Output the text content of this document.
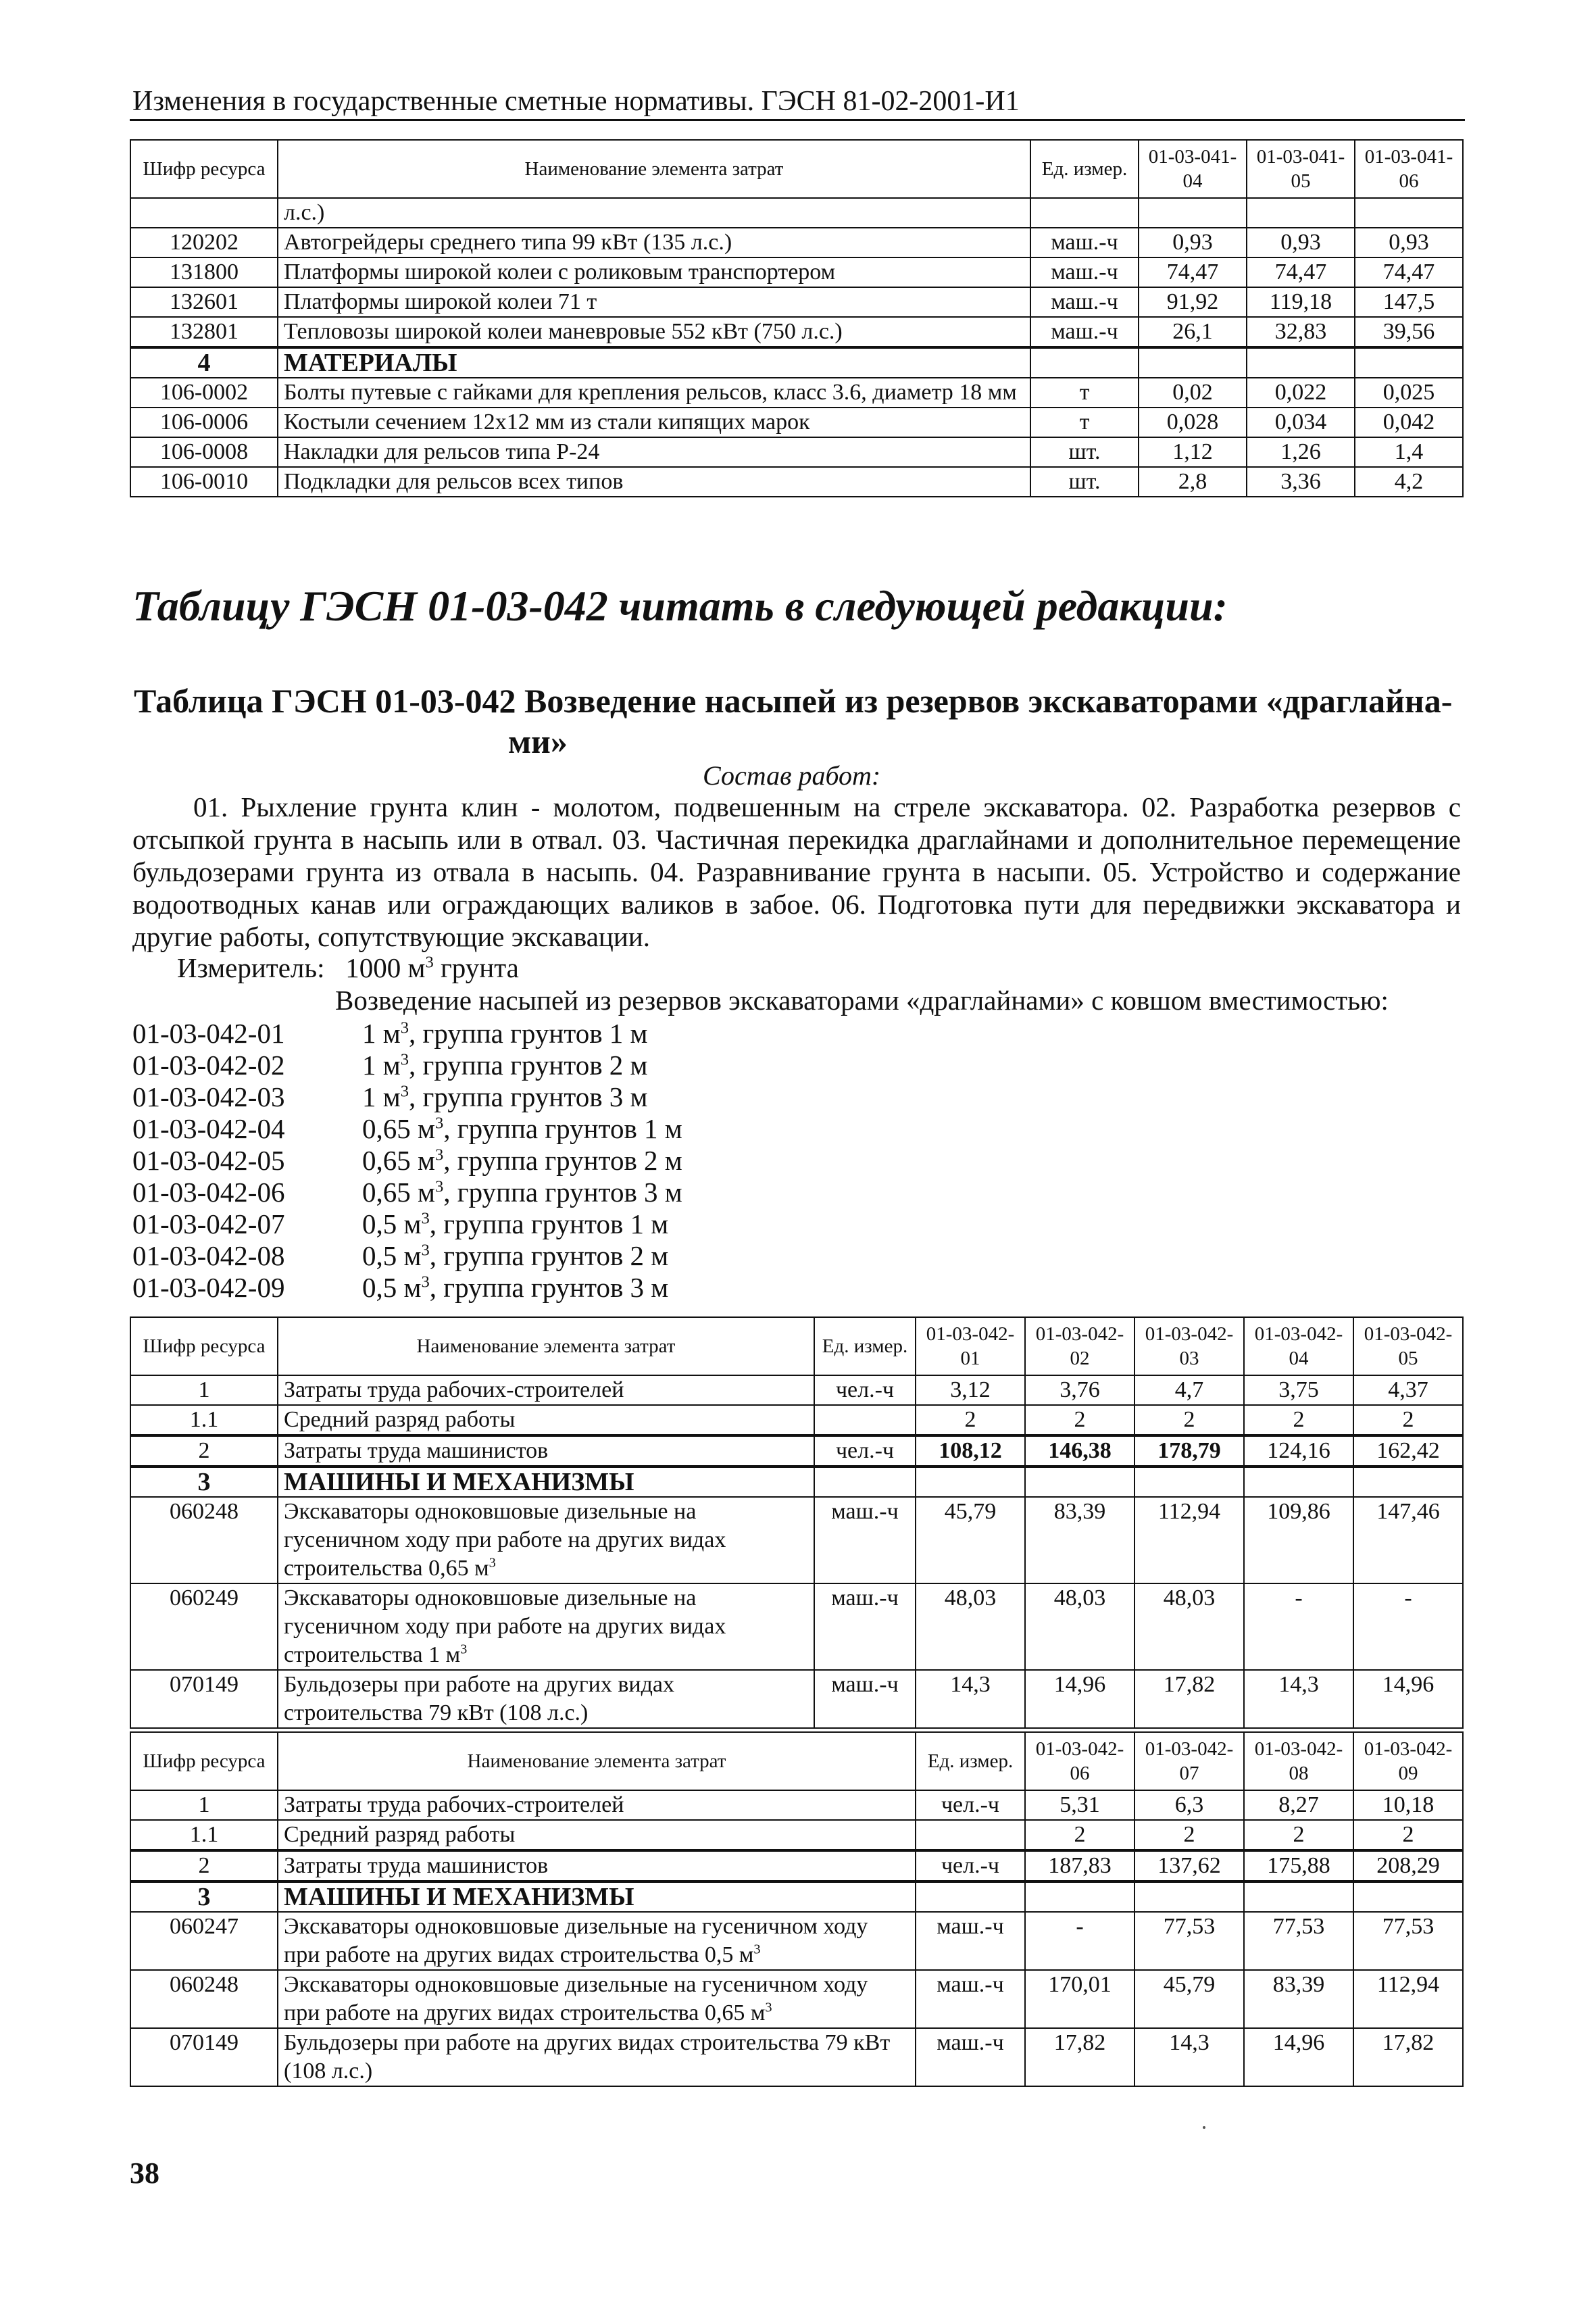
Изменения в государственные сметные нормативы. ГЭСН 81-02-2001-И1
Шифр ресурса	Наименование элемента затрат	Ед. измер.	01-03-041-04	01-03-041-05	01-03-041-06
	л.с.)				
120202	Автогрейдеры среднего типа 99 кВт (135 л.с.)	маш.-ч	0,93	0,93	0,93
131800	Платформы широкой колеи с роликовым транспортером	маш.-ч	74,47	74,47	74,47
132601	Платформы широкой колеи 71 т	маш.-ч	91,92	119,18	147,5
132801	Тепловозы широкой колеи маневровые 552 кВт (750 л.с.)	маш.-ч	26,1	32,83	39,56
4	МАТЕРИАЛЫ				
106-0002	Болты путевые с гайками для крепления рельсов, класс 3.6, диаметр 18 мм	т	0,02	0,022	0,025
106-0006	Костыли сечением 12х12 мм из стали кипящих марок	т	0,028	0,034	0,042
106-0008	Накладки для рельсов типа Р-24	шт.	1,12	1,26	1,4
106-0010	Подкладки для рельсов всех типов	шт.	2,8	3,36	4,2
Таблицу ГЭСН 01-03-042 читать в следующей редакции:
Таблица ГЭСН 01-03-042 Возведение насыпей из резервов экскаваторами «драглайна-
ми»
Состав работ:
01. Рыхление грунта клин - молотом, подвешенным на стреле экскаватора. 02. Разработка резервов с отсыпкой грунта в насыпь или в отвал. 03. Частичная перекидка драглайнами и дополнительное перемещение бульдозерами грунта из отвала в насыпь. 04. Разравнивание грунта в насыпи. 05. Устройство и содержание водоотводных канав или ограждающих валиков в забое. 06. Подготовка пути для передвижки экскаватора и другие работы, сопутствующие экскавации.
Измеритель: 1000 $м^3$ грунта
Возведение насыпей из резервов экскаваторами «драглайнами» с ковшом вместимостью:
01-03-042-01	1 $м^3$, группа грунтов 1 м
01-03-042-02	1 $м^3$, группа грунтов 2 м
01-03-042-03	1 $м^3$, группа грунтов 3 м
01-03-042-04	0,65 $м^3$, группа грунтов 1 м
01-03-042-05	0,65 $м^3$, группа грунтов 2 м
01-03-042-06	0,65 $м^3$, группа грунтов 3 м
01-03-042-07	0,5 $м^3$, группа грунтов 1 м
01-03-042-08	0,5 $м^3$, группа грунтов 2 м
01-03-042-09	0,5 $м^3$, группа грунтов 3 м
Шифр ресурса	Наименование элемента затрат	Ед. измер.	01-03-042-01	01-03-042-02	01-03-042-03	01-03-042-04	01-03-042-05
1	Затраты труда рабочих-строителей	чел.-ч	3,12	3,76	4,7	3,75	4,37
1.1	Средний разряд работы		2	2	2	2	2
2	Затраты труда машинистов	чел.-ч	108,12	146,38	178,79	124,16	162,42
3	МАШИНЫ И МЕХАНИЗМЫ						
060248	Экскаваторы одноковшовые дизельные на гусеничном ходу при работе на других видах строительства 0,65 $м^3$	маш.-ч	45,79	83,39	112,94	109,86	147,46
060249	Экскаваторы одноковшовые дизельные на гусеничном ходу при работе на других видах строительства 1 $м^3$	маш.-ч	48,03	48,03	48,03	-	-
070149	Бульдозеры при работе на других видах строительства 79 кВт (108 л.с.)	маш.-ч	14,3	14,96	17,82	14,3	14,96
Шифр ресурса	Наименование элемента затрат	Ед. измер.	01-03-042-06	01-03-042-07	01-03-042-08	01-03-042-09
1	Затраты труда рабочих-строителей	чел.-ч	5,31	6,3	8,27	10,18
1.1	Средний разряд работы		2	2	2	2
2	Затраты труда машинистов	чел.-ч	187,83	137,62	175,88	208,29
3	МАШИНЫ И МЕХАНИЗМЫ					
060247	Экскаваторы одноковшовые дизельные на гусеничном ходу при работе на других видах строительства 0,5 $м^3$	маш.-ч	-	77,53	77,53	77,53
060248	Экскаваторы одноковшовые дизельные на гусеничном ходу при работе на других видах строительства 0,65 $м^3$	маш.-ч	170,01	45,79	83,39	112,94
070149	Бульдозеры при работе на других видах строительства 79 кВт (108 л.с.)	маш.-ч	17,82	14,3	14,96	17,82
38
